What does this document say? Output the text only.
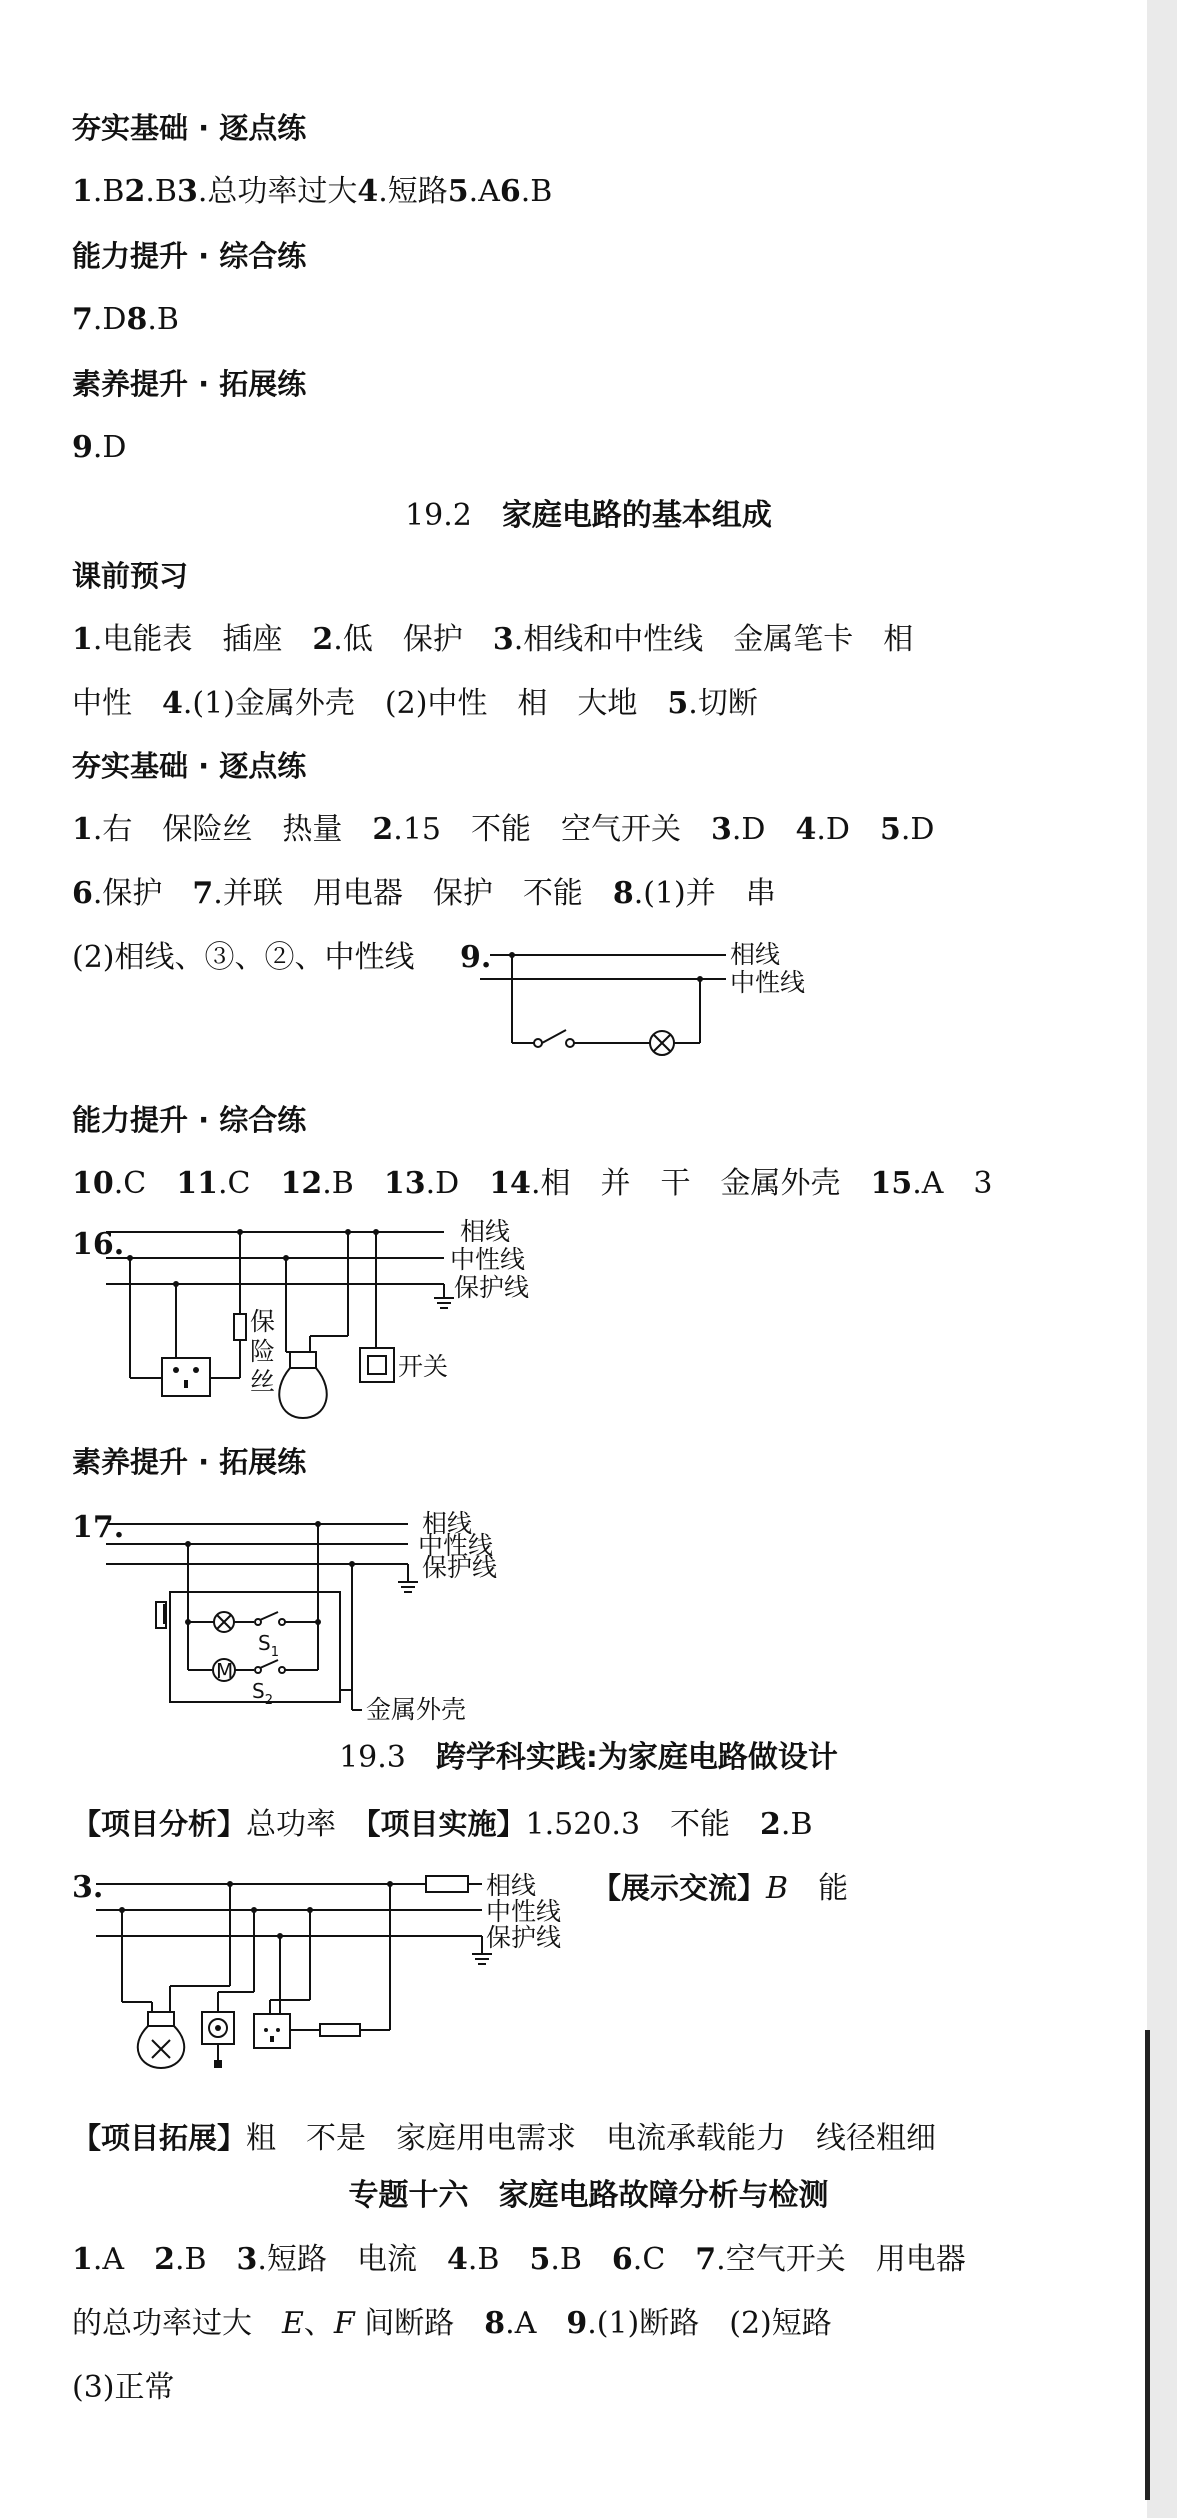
夯实基础 · 逐点练
1.B2.B3.总功率过大4.短路5.A6.B
能力提升 · 综合练
7.D8.B
素养提升 · 拓展练
9.D
19.2　 家庭电路的基本组成
课前预习
1.电能表　插座　2.低　保护　3.相线和中性线　金属笔卡　相
中性　4.(1)金属外壳　(2)中性　相　大地　5.切断
夯实基础 · 逐点练
1.右　保险丝　热量　2.15　不能　空气开关　3.D　4.D　5.D
6.保护　7.并联　用电器　保护　不能　8.(1)并　串
(2)相线、③、②、中性线 9.	相线
中性线
能力提升 · 综合练
10.C　11.C　12.B　13.D　14.相　并　干　金属外壳　15.A　3
16.	相线
中性线
保护线
保
险
丝
开关
素养提升 · 拓展练
17.
M
$S_1$
$S_2$
相线
中性线
保护线
金属外壳
19.3　 跨学科实践:为家庭电路做设计
【项目分析】总功率　【项目实施】1.520.3　不能　2.B
3.	相线
中性线
保护线
【展示交流】B　 能
【项目拓展】粗　不是　家庭用电需求　电流承载能力　线径粗细
专题十六　家庭电路故障分析与检测
1.A　2.B　3.短路　电流　4.B　5.B　6.C　7.空气开关　用电器
的总功率过大　E、F 间断路　8.A　9.(1)断路　(2)短路
(3)正常
